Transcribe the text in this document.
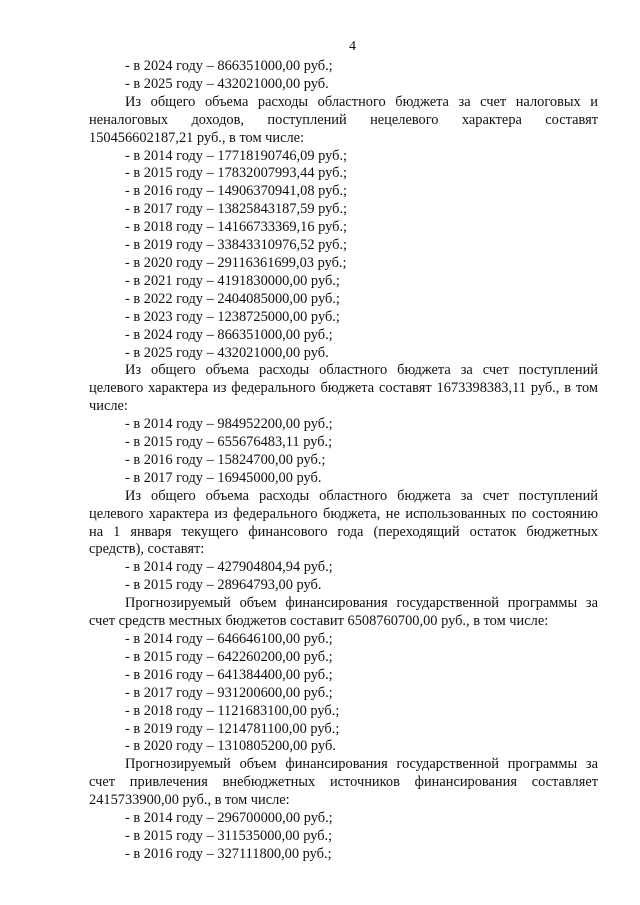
4
- в 2024 году – 866351000,00 руб.;
- в 2025 году – 432021000,00 руб.
Из общего объема расходы областного бюджета за счет налоговых и неналоговых доходов, поступлений нецелевого характера составят 150456602187,21 руб., в том числе:
- в 2014 году – 17718190746,09 руб.;
- в 2015 году – 17832007993,44 руб.;
- в 2016 году – 14906370941,08 руб.;
- в 2017 году – 13825843187,59 руб.;
- в 2018 году – 14166733369,16 руб.;
- в 2019 году – 33843310976,52 руб.;
- в 2020 году – 29116361699,03 руб.;
- в 2021 году – 4191830000,00 руб.;
- в 2022 году – 2404085000,00 руб.;
- в 2023 году – 1238725000,00 руб.;
- в 2024 году – 866351000,00 руб.;
- в 2025 году – 432021000,00 руб.
Из общего объема расходы областного бюджета за счет поступлений целевого характера из федерального бюджета составят 1673398383,11 руб., в том числе:
- в 2014 году – 984952200,00 руб.;
- в 2015 году – 655676483,11 руб.;
- в 2016 году – 15824700,00 руб.;
- в 2017 году – 16945000,00 руб.
Из общего объема расходы областного бюджета за счет поступлений целевого характера из федерального бюджета, не использованных по состоянию на 1 января текущего финансового года (переходящий остаток бюджетных средств), составят:
- в 2014 году – 427904804,94 руб.;
- в 2015 году – 28964793,00 руб.
Прогнозируемый объем финансирования государственной программы за счет средств местных бюджетов составит 6508760700,00 руб., в том числе:
- в 2014 году – 646646100,00 руб.;
- в 2015 году – 642260200,00 руб.;
- в 2016 году – 641384400,00 руб.;
- в 2017 году – 931200600,00 руб.;
- в 2018 году – 1121683100,00 руб.;
- в 2019 году – 1214781100,00 руб.;
- в 2020 году – 1310805200,00 руб.
Прогнозируемый объем финансирования государственной программы за счет привлечения внебюджетных источников финансирования составляет 2415733900,00 руб., в том числе:
- в 2014 году – 296700000,00 руб.;
- в 2015 году – 311535000,00 руб.;
- в 2016 году – 327111800,00 руб.;
